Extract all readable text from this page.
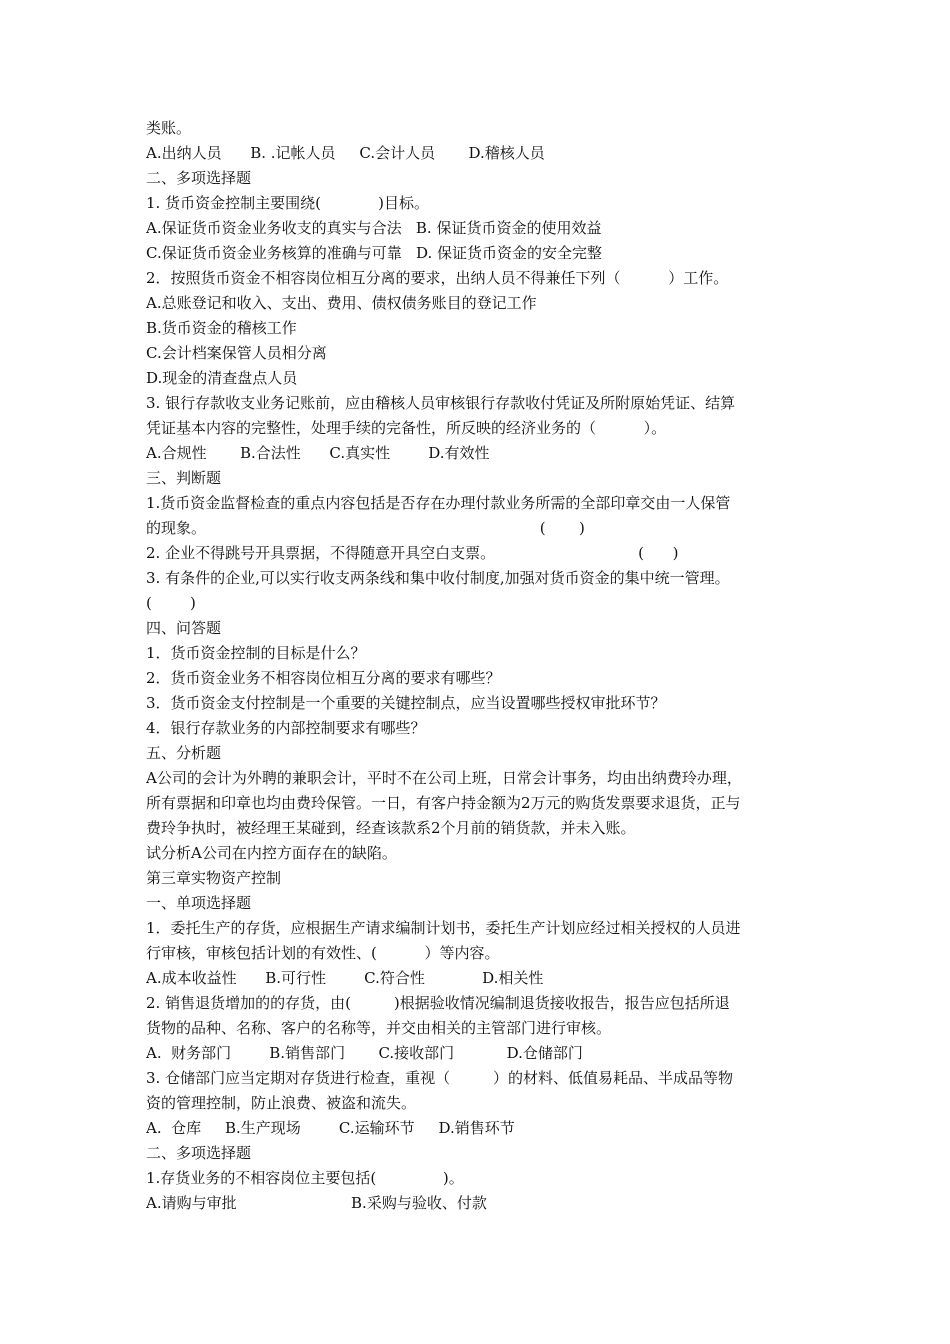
类账。
A.出纳人员      B. .记帐人员     C.会计人员       D.稽核人员
二、多项选择题
1. 货币资金控制主要围绕(            )目标。
A.保证货币资金业务收支的真实与合法   B. 保证货币资金的使用效益
C.保证货币资金业务核算的准确与可靠   D. 保证货币资金的安全完整
2．按照货币资金不相容岗位相互分离的要求，出纳人员不得兼任下列（          ）工作。
A.总账登记和收入、支出、费用、债权债务账目的登记工作
B.货币资金的稽核工作
C.会计档案保管人员相分离
D.现金的清查盘点人员
3. 银行存款收支业务记账前，应由稽核人员审核银行存款收付凭证及所附原始凭证、结算
凭证基本内容的完整性，处理手续的完备性，所反映的经济业务的（          ）。
A.合规性       B.合法性      C.真实性        D.有效性
三、判断题
1.货币资金监督检查的重点内容包括是否存在办理付款业务所需的全部印章交由一人保管
的现象。                                                                      (       )
2. 企业不得跳号开具票据，不得随意开具空白支票。                              (      )
3. 有条件的企业,可以实行收支两条线和集中收付制度,加强对货币资金的集中统一管理。
(        )
四、问答题
1．货币资金控制的目标是什么？
2．货币资金业务不相容岗位相互分离的要求有哪些？
3．货币资金支付控制是一个重要的关键控制点，应当设置哪些授权审批环节？
4．银行存款业务的内部控制要求有哪些？
五、分析题
A公司的会计为外聘的兼职会计，平时不在公司上班，日常会计事务，均由出纳费玲办理，
所有票据和印章也均由费玲保管。一日，有客户持金额为2万元的购货发票要求退货，正与
费玲争执时，被经理王某碰到，经查该款系2个月前的销货款，并未入账。
试分析A公司在内控方面存在的缺陷。
第三章实物资产控制
一、单项选择题
1．委托生产的存货，应根据生产请求编制计划书，委托生产计划应经过相关授权的人员进
行审核，审核包括计划的有效性、(          ）等内容。
A.成本收益性      B.可行性        C.符合性            D.相关性
2. 销售退货增加的的存货，由(         )根据验收情况编制退货接收报告，报告应包括所退
货物的品种、名称、客户的名称等，并交由相关的主管部门进行审核。
A.  财务部门        B.销售部门       C.接收部门           D.仓储部门
3. 仓储部门应当定期对存货进行检查，重视（         ）的材料、低值易耗品、半成品等物
资的管理控制，防止浪费、被盗和流失。
A.  仓库     B.生产现场        C.运输环节     D.销售环节
二、多项选择题
1.存货业务的不相容岗位主要包括(              )。
A.请购与审批                        B.采购与验收、付款
